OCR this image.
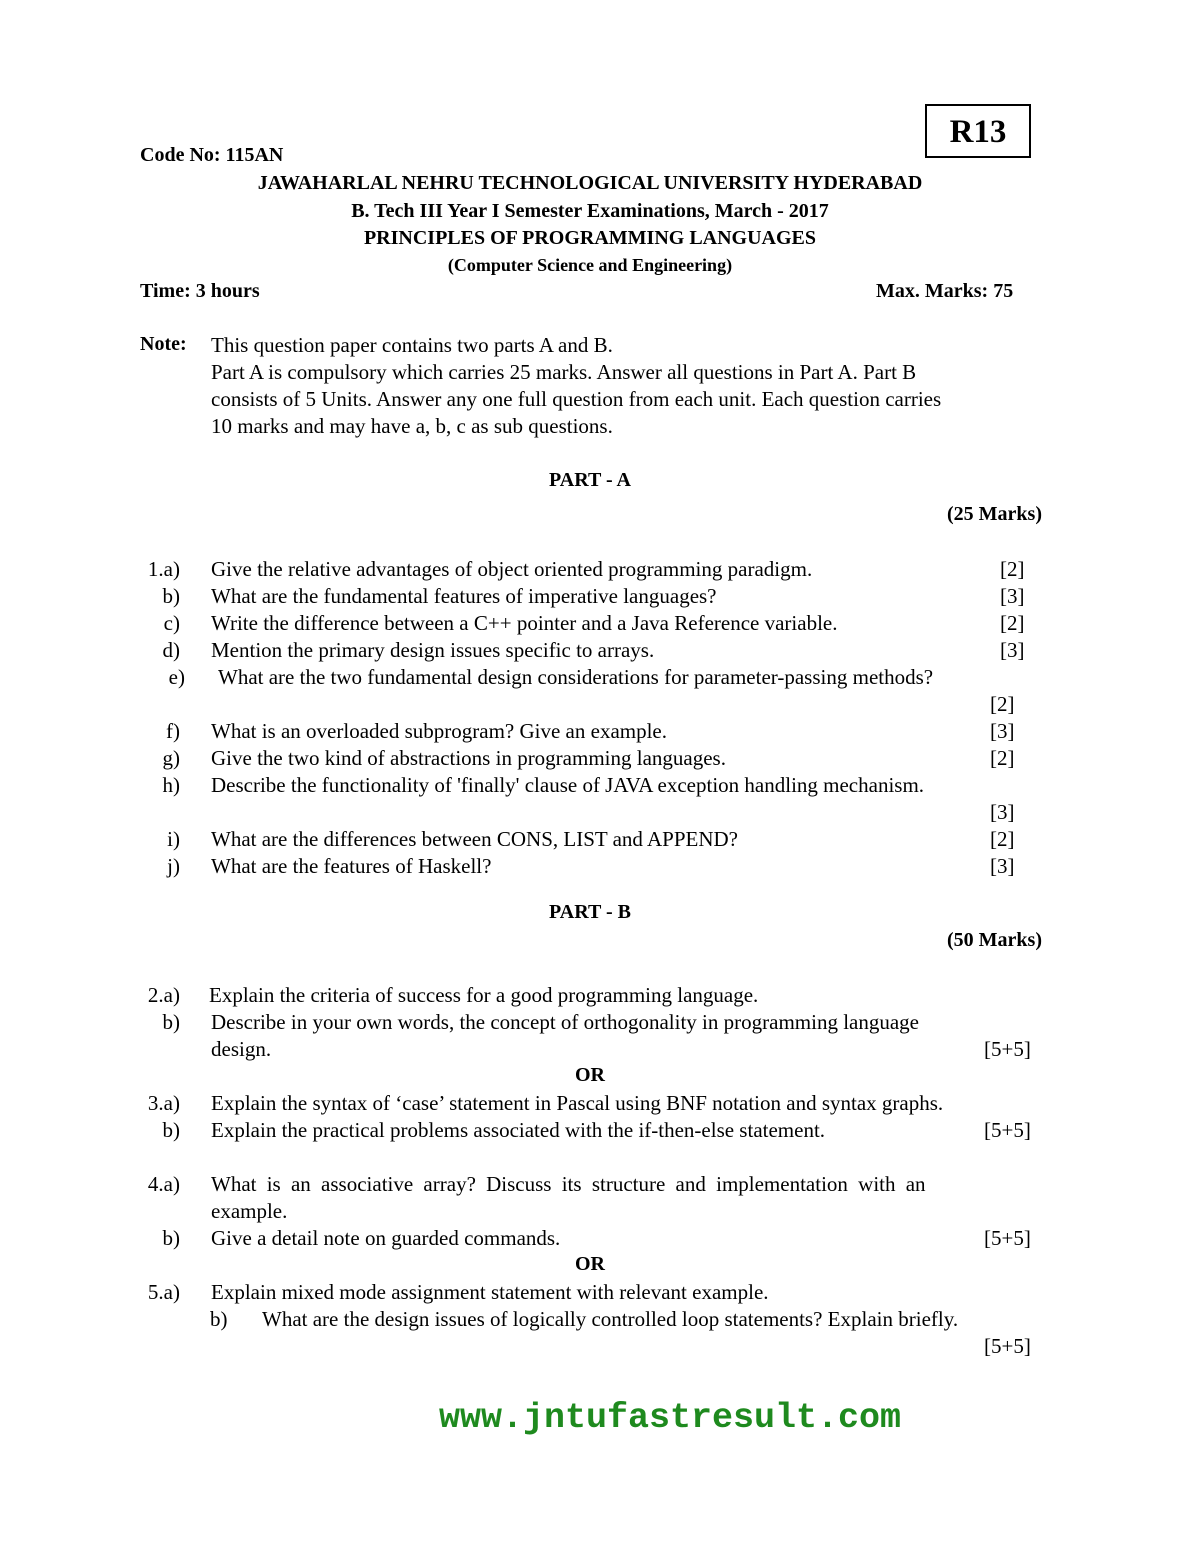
R13
Code No: 115AN
JAWAHARLAL NEHRU TECHNOLOGICAL UNIVERSITY HYDERABAD
B. Tech III Year I Semester Examinations, March - 2017
PRINCIPLES OF PROGRAMMING LANGUAGES
(Computer Science and Engineering)
Time: 3 hours	Max. Marks: 75
Note: This question paper contains two parts A and B.
Part A is compulsory which carries 25 marks. Answer all questions in Part A. Part B
consists of 5 Units. Answer any one full question from each unit. Each question carries
10 marks and may have a, b, c as sub questions.
PART - A
(25 Marks)
1.a) Give the relative advantages of object oriented programming paradigm.	[2]
b) What are the fundamental features of imperative languages?	[3]
c) Write the difference between a C++ pointer and a Java Reference variable.	[2]
d) Mention the primary design issues specific to arrays.	[3]
e) What are the two fundamental design considerations for parameter-passing methods?
[2]
f) What is an overloaded subprogram? Give an example.	[3]
g) Give the two kind of abstractions in programming languages.	[2]
h) Describe the functionality of 'finally' clause of JAVA exception handling mechanism.
[3]
i) What are the differences between CONS, LIST and APPEND?	[2]
j) What are the features of Haskell?	[3]
PART - B
(50 Marks)
2.a) Explain the criteria of success for a good programming language.
b) Describe in your own words, the concept of orthogonality in programming language
design.	[5+5]
OR
3.a) Explain the syntax of ‘case’ statement in Pascal using BNF notation and syntax graphs.
b) Explain the practical problems associated with the if-then-else statement.	[5+5]
4.a) What is an associative array? Discuss its structure and implementation with an
example.
b) Give a detail note on guarded commands.	[5+5]
OR
5.a) Explain mixed mode assignment statement with relevant example.
b) What are the design issues of logically controlled loop statements? Explain briefly.
[5+5]
www.jntufastresult.com
